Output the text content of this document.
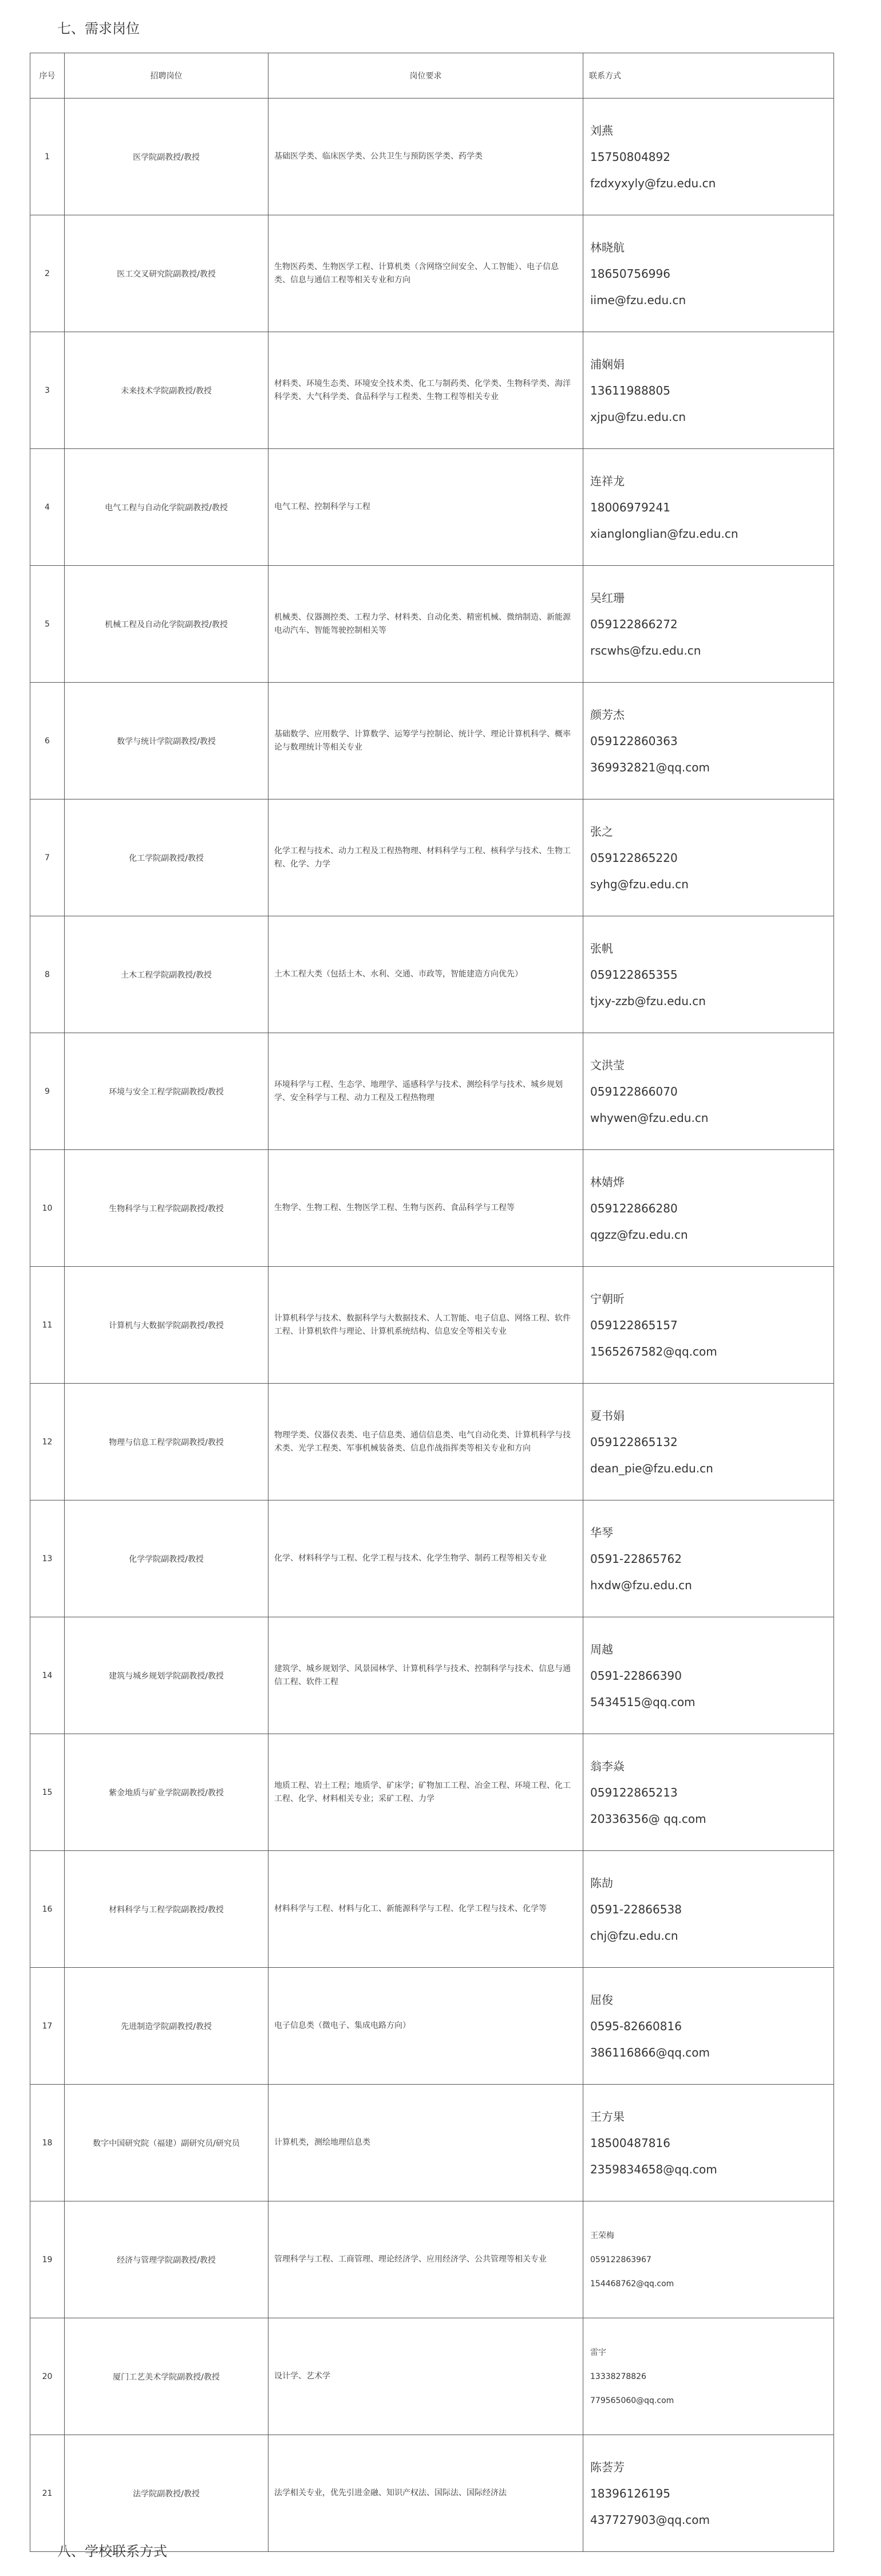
七、需求岗位
序号	招聘岗位	岗位要求	联系方式
1	医学院副教授/教授	基础医学类、临床医学类、公共卫生与预防医学类、药学类	刘燕
15750804892
fzdxyxyly@fzu.edu.cn

2	医工交叉研究院副教授/教授	生物医药类、生物医学工程、计算机类（含网络空间安全、人工智能）、电子信息类、信息与通信工程等相关专业和方向	林晓航
18650756996
iime@fzu.edu.cn

3	未来技术学院副教授/教授	材料类、环境生态类、环境安全技术类、化工与制药类、化学类、生物科学类、海洋科学类、大气科学类、食品科学与工程类、生物工程等相关专业	浦娴娟
13611988805
xjpu@fzu.edu.cn

4	电气工程与自动化学院副教授/教授	电气工程、控制科学与工程	连祥龙
18006979241
xianglonglian@fzu.edu.cn

5	机械工程及自动化学院副教授/教授	机械类、仪器测控类、工程力学、材料类、自动化类、精密机械、微纳制造、新能源电动汽车、智能驾驶控制相关等	吴红珊
059122866272
rscwhs@fzu.edu.cn

6	数学与统计学院副教授/教授	基础数学、应用数学、计算数学、运筹学与控制论、统计学、理论计算机科学、概率论与数理统计等相关专业	颜芳杰
059122860363
369932821@qq.com

7	化工学院副教授/教授	化学工程与技术、动力工程及工程热物理、材料科学与工程、核科学与技术、生物工程、化学、力学	张之
059122865220
syhg@fzu.edu.cn

8	土木工程学院副教授/教授	土木工程大类（包括土木、水利、交通、市政等，智能建造方向优先）	张帆
059122865355
tjxy-zzb@fzu.edu.cn

9	环境与安全工程学院副教授/教授	环境科学与工程、生态学、地理学、遥感科学与技术、测绘科学与技术、城乡规划学、安全科学与工程、动力工程及工程热物理	文洪莹
059122866070
whywen@fzu.edu.cn

10	生物科学与工程学院副教授/教授	生物学、生物工程、生物医学工程、生物与医药、食品科学与工程等	林婧烨
059122866280
qgzz@fzu.edu.cn

11	计算机与大数据学院副教授/教授	计算机科学与技术、数据科学与大数据技术、人工智能、电子信息、网络工程、软件工程、计算机软件与理论、计算机系统结构、信息安全等相关专业	宁朝昕
059122865157
1565267582@qq.com

12	物理与信息工程学院副教授/教授	物理学类、仪器仪表类、电子信息类、通信信息类、电气自动化类、计算机科学与技术类、光学工程类、军事机械装备类、信息作战指挥类等相关专业和方向	夏书娟
059122865132
dean_pie@fzu.edu.cn

13	化学学院副教授/教授	化学、材料科学与工程、化学工程与技术、化学生物学、制药工程等相关专业	华琴
0591-22865762
hxdw@fzu.edu.cn

14	建筑与城乡规划学院副教授/教授	建筑学、城乡规划学、风景园林学、计算机科学与技术、控制科学与技术、信息与通信工程、软件工程	周越
0591-22866390
5434515@qq.com

15	紫金地质与矿业学院副教授/教授	地质工程、岩土工程；地质学、矿床学；矿物加工工程、冶金工程、环境工程、化工工程、化学、材料相关专业；采矿工程、力学	翁李焱
059122865213
20336356@ qq.com

16	材料科学与工程学院副教授/教授	材料科学与工程、材料与化工、新能源科学与工程、化学工程与技术、化学等	陈劼
0591-22866538
chj@fzu.edu.cn

17	先进制造学院副教授/教授	电子信息类（微电子、集成电路方向）	屈俊
0595-82660816
386116866@qq.com

18	数字中国研究院（福建）副研究员/研究员	计算机类，测绘地理信息类	王方果
18500487816
2359834658@qq.com

19	经济与管理学院副教授/教授	管理科学与工程、工商管理、理论经济学、应用经济学、公共管理等相关专业	王荣梅
059122863967
154468762@qq.com

20	厦门工艺美术学院副教授/教授	设计学、艺术学	雷宇
13338278826
779565060@qq.com

21	法学院副教授/教授	法学相关专业，优先引进金融、知识产权法、国际法、国际经济法	陈荟芳
18396126195
437727903@qq.com
八、学校联系方式
